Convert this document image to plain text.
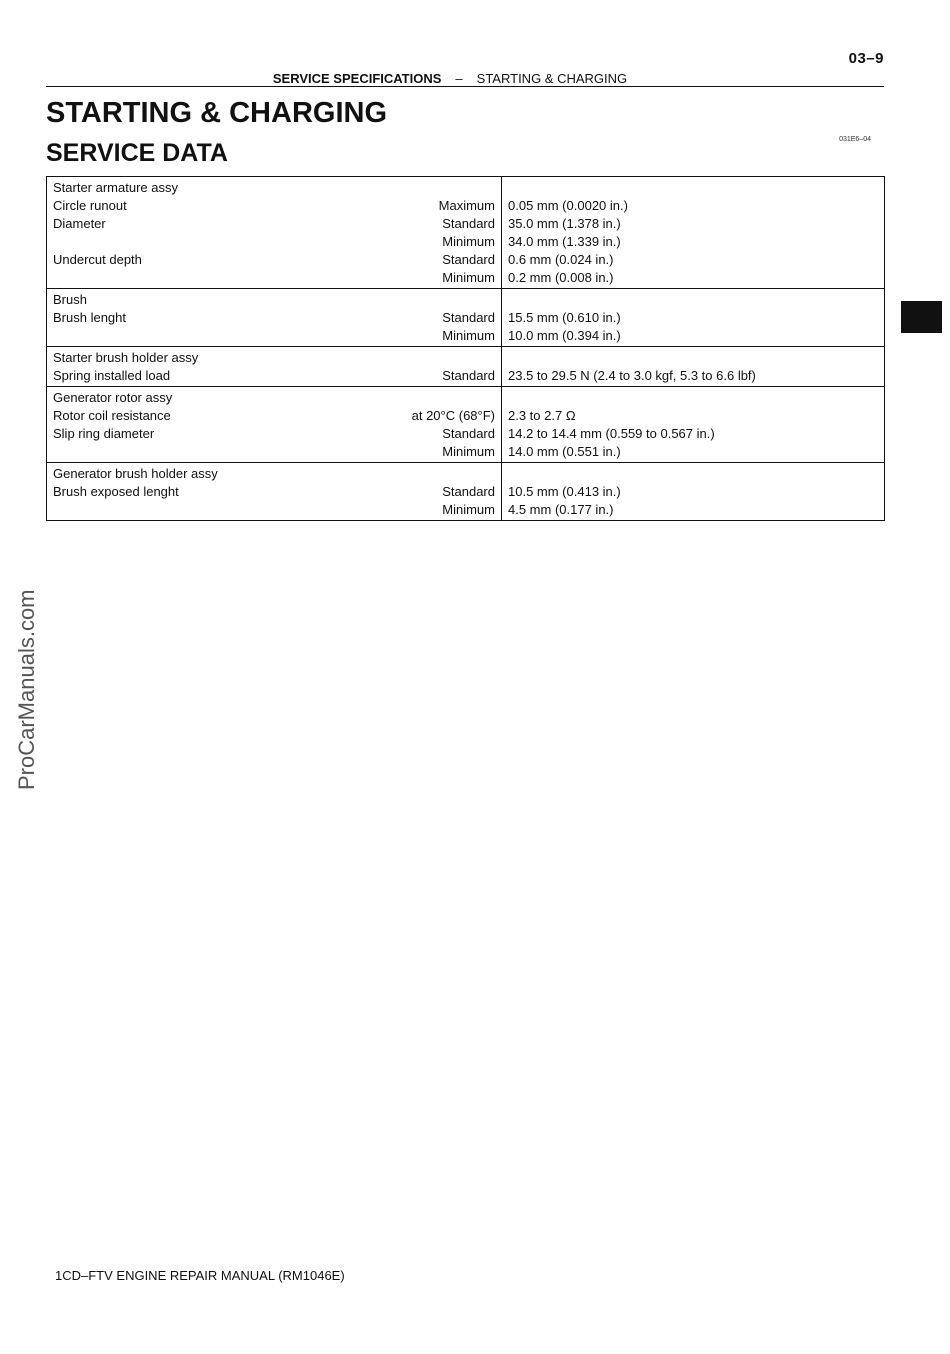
03–9
SERVICE SPECIFICATIONS – STARTING & CHARGING
STARTING & CHARGING
SERVICE DATA	031E6–04
ProCarManuals.com
Starter armature assy		
Circle runout	Maximum	0.05 mm (0.0020 in.)
Diameter	Standard	35.0 mm (1.378 in.)
	Minimum	34.0 mm (1.339 in.)
Undercut depth	Standard	0.6 mm (0.024 in.)
	Minimum	0.2 mm (0.008 in.)
Brush		
Brush lenght	Standard	15.5 mm (0.610 in.)
	Minimum	10.0 mm (0.394 in.)
Starter brush holder assy		
Spring installed load	Standard	23.5 to 29.5 N (2.4 to 3.0 kgf, 5.3 to 6.6 lbf)
Generator rotor assy		
Rotor coil resistance	at 20°C (68°F)	2.3 to 2.7 Ω
Slip ring diameter	Standard	14.2 to 14.4 mm (0.559 to 0.567 in.)
	Minimum	14.0 mm (0.551 in.)
Generator brush holder assy		
Brush exposed lenght	Standard	10.5 mm (0.413 in.)
	Minimum	4.5 mm (0.177 in.)
1CD–FTV ENGINE REPAIR MANUAL (RM1046E)
